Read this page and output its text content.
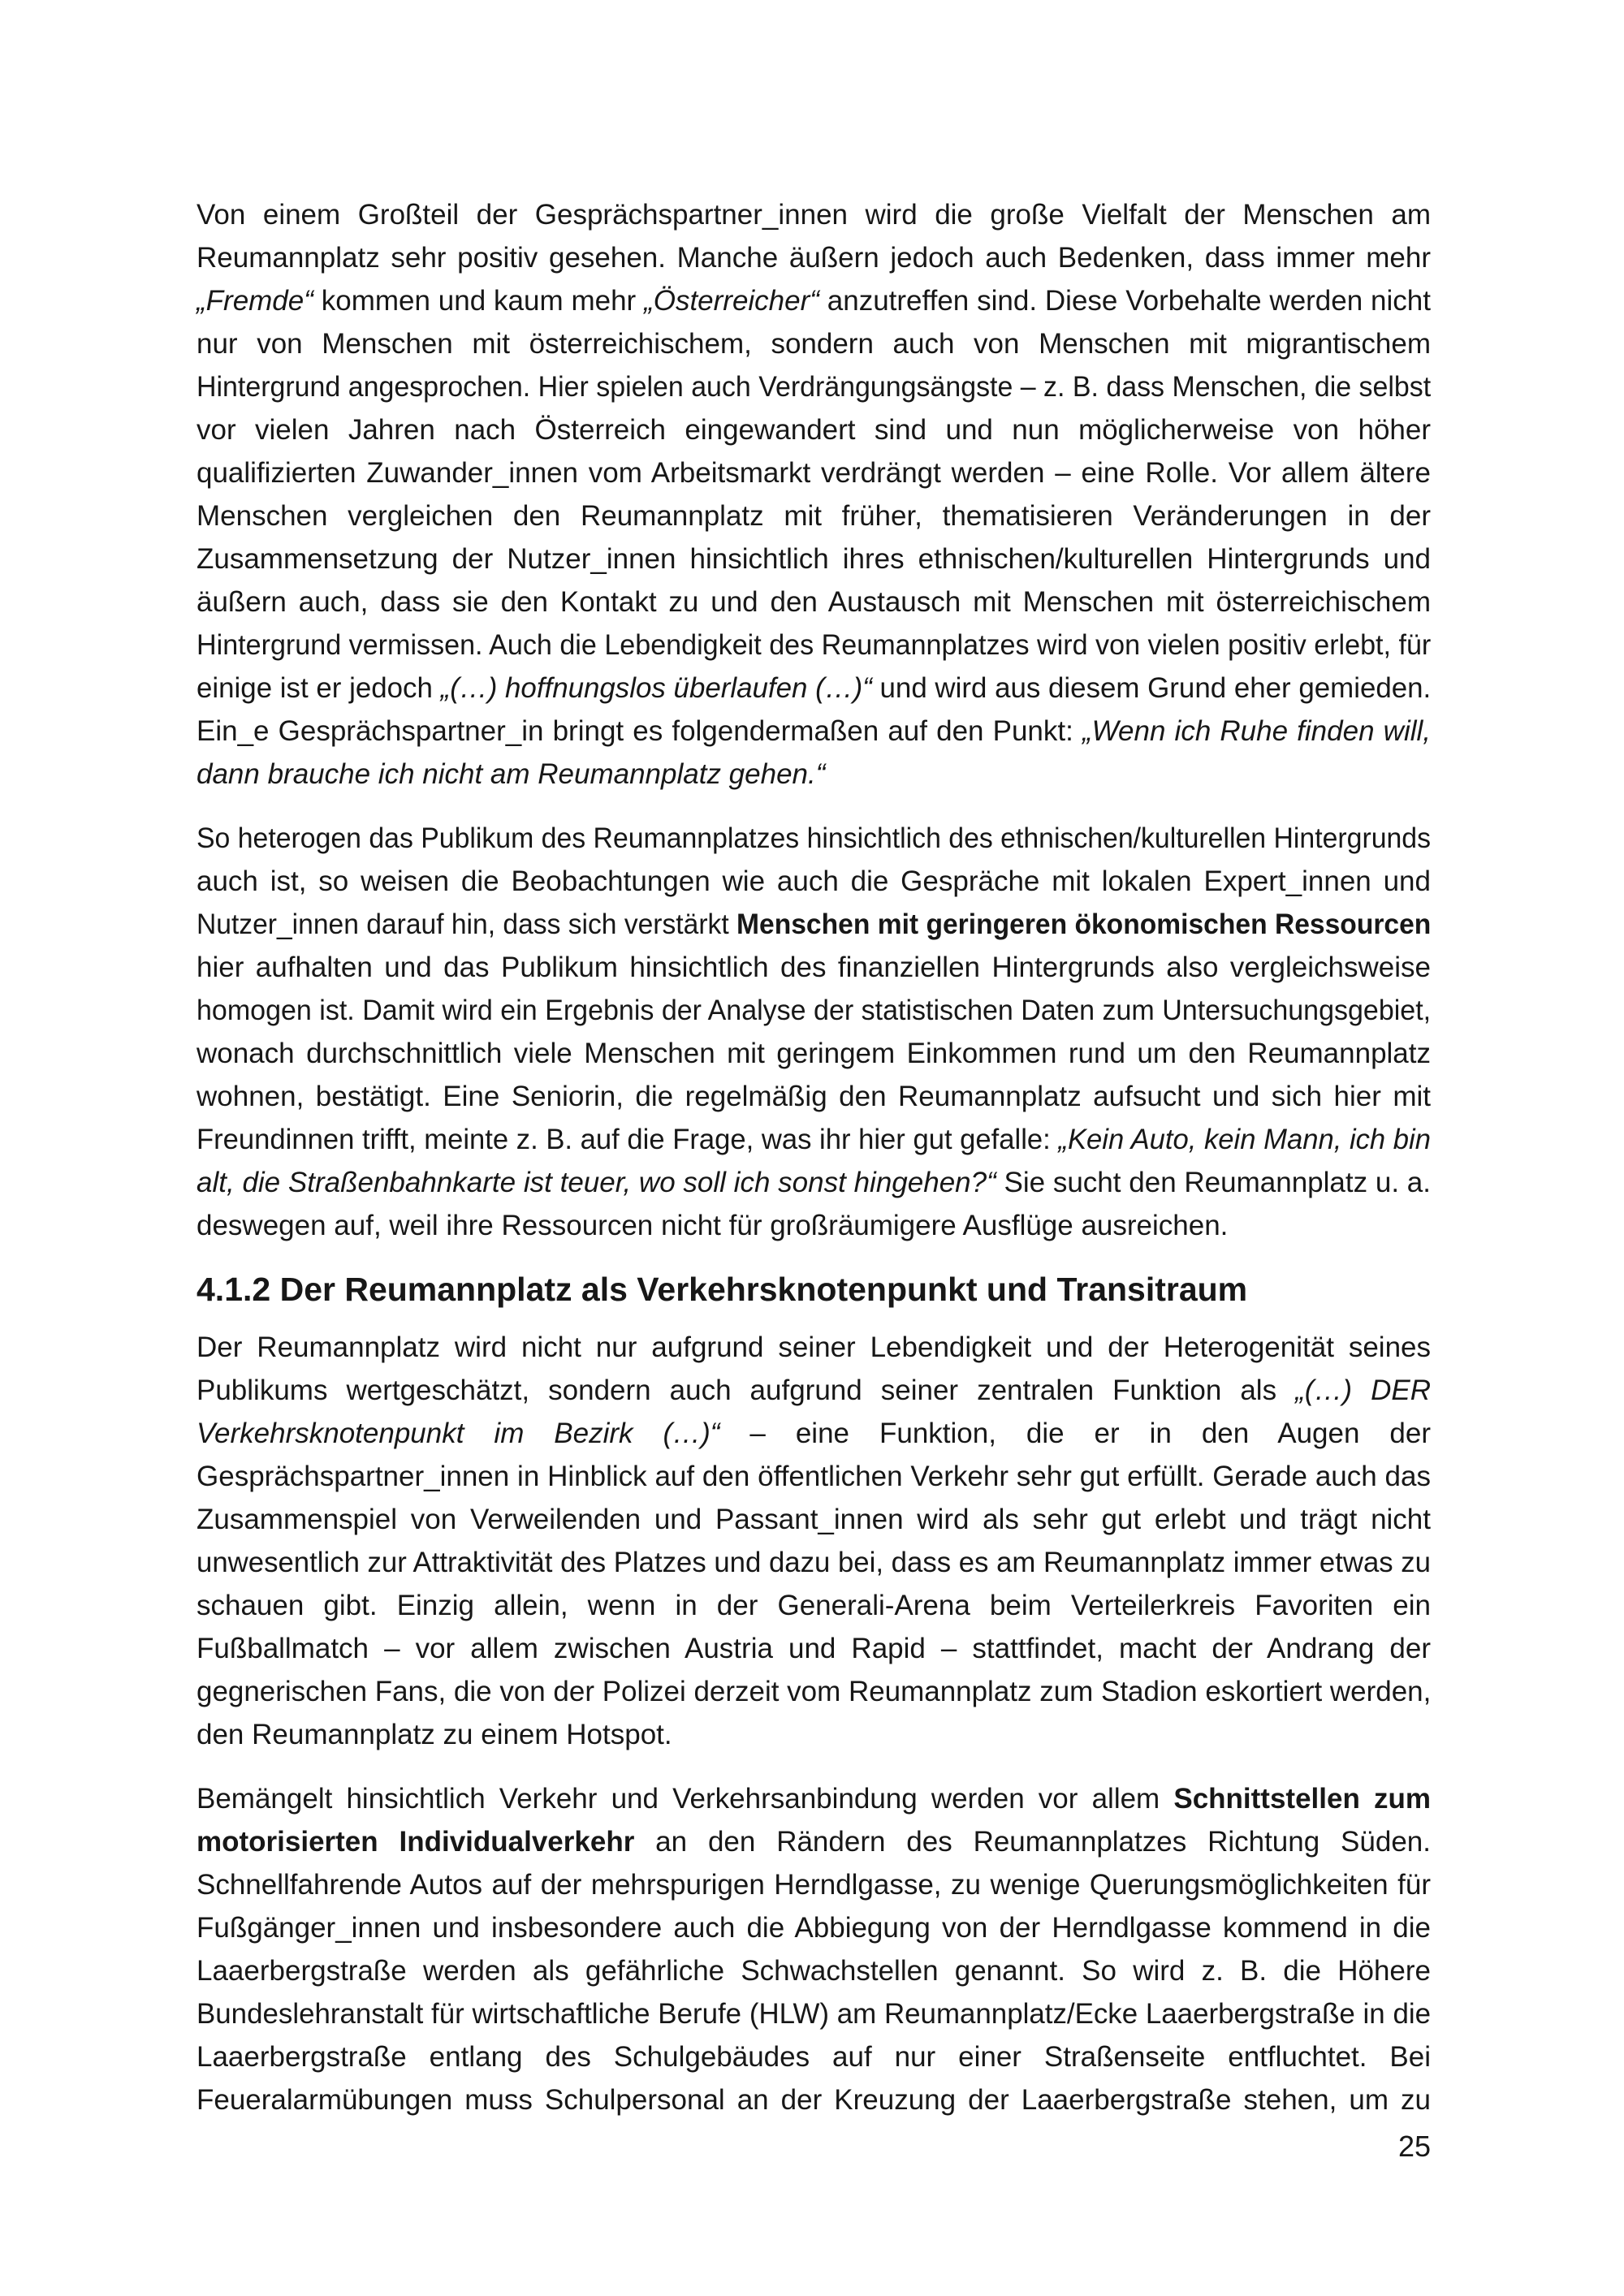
Von einem Großteil der Gesprächspartner_innen wird die große Vielfalt der Menschen am
Reumannplatz sehr positiv gesehen. Manche äußern jedoch auch Bedenken, dass immer mehr
„Fremde“ kommen und kaum mehr „Österreicher“ anzutreffen sind. Diese Vorbehalte werden nicht
nur von Menschen mit österreichischem, sondern auch von Menschen mit migrantischem
Hintergrund angesprochen. Hier spielen auch Verdrängungsängste – z. B. dass Menschen, die selbst
vor vielen Jahren nach Österreich eingewandert sind und nun möglicherweise von höher
qualifizierten Zuwander_innen vom Arbeitsmarkt verdrängt werden – eine Rolle. Vor allem ältere
Menschen vergleichen den Reumannplatz mit früher, thematisieren Veränderungen in der
Zusammensetzung der Nutzer_innen hinsichtlich ihres ethnischen/kulturellen Hintergrunds und
äußern auch, dass sie den Kontakt zu und den Austausch mit Menschen mit österreichischem
Hintergrund vermissen. Auch die Lebendigkeit des Reumannplatzes wird von vielen positiv erlebt, für
einige ist er jedoch „(…) hoffnungslos überlaufen (…)“ und wird aus diesem Grund eher gemieden.
Ein_e Gesprächspartner_in bringt es folgendermaßen auf den Punkt: „Wenn ich Ruhe finden will,
dann brauche ich nicht am Reumannplatz gehen.“

So heterogen das Publikum des Reumannplatzes hinsichtlich des ethnischen/kulturellen Hintergrunds
auch ist, so weisen die Beobachtungen wie auch die Gespräche mit lokalen Expert_innen und
Nutzer_innen darauf hin, dass sich verstärkt Menschen mit geringeren ökonomischen Ressourcen
hier aufhalten und das Publikum hinsichtlich des finanziellen Hintergrunds also vergleichsweise
homogen ist. Damit wird ein Ergebnis der Analyse der statistischen Daten zum Untersuchungsgebiet,
wonach durchschnittlich viele Menschen mit geringem Einkommen rund um den Reumannplatz
wohnen, bestätigt. Eine Seniorin, die regelmäßig den Reumannplatz aufsucht und sich hier mit
Freundinnen trifft, meinte z. B. auf die Frage, was ihr hier gut gefalle: „Kein Auto, kein Mann, ich bin
alt, die Straßenbahnkarte ist teuer, wo soll ich sonst hingehen?“ Sie sucht den Reumannplatz u. a.
deswegen auf, weil ihre Ressourcen nicht für großräumigere Ausflüge ausreichen.

4.1.2 Der Reumannplatz als Verkehrsknotenpunkt und Transitraum

Der Reumannplatz wird nicht nur aufgrund seiner Lebendigkeit und der Heterogenität seines
Publikums wertgeschätzt, sondern auch aufgrund seiner zentralen Funktion als „(…) DER
Verkehrsknotenpunkt im Bezirk (…)“ – eine Funktion, die er in den Augen der
Gesprächspartner_innen in Hinblick auf den öffentlichen Verkehr sehr gut erfüllt. Gerade auch das
Zusammenspiel von Verweilenden und Passant_innen wird als sehr gut erlebt und trägt nicht
unwesentlich zur Attraktivität des Platzes und dazu bei, dass es am Reumannplatz immer etwas zu
schauen gibt. Einzig allein, wenn in der Generali-Arena beim Verteilerkreis Favoriten ein
Fußballmatch – vor allem zwischen Austria und Rapid – stattfindet, macht der Andrang der
gegnerischen Fans, die von der Polizei derzeit vom Reumannplatz zum Stadion eskortiert werden,
den Reumannplatz zu einem Hotspot.

Bemängelt hinsichtlich Verkehr und Verkehrsanbindung werden vor allem Schnittstellen zum
motorisierten Individualverkehr an den Rändern des Reumannplatzes Richtung Süden.
Schnellfahrende Autos auf der mehrspurigen Herndlgasse, zu wenige Querungsmöglichkeiten für
Fußgänger_innen und insbesondere auch die Abbiegung von der Herndlgasse kommend in die
Laaerbergstraße werden als gefährliche Schwachstellen genannt. So wird z. B. die Höhere
Bundeslehranstalt für wirtschaftliche Berufe (HLW) am Reumannplatz/Ecke Laaerbergstraße in die
Laaerbergstraße entlang des Schulgebäudes auf nur einer Straßenseite entfluchtet. Bei
Feueralarmübungen muss Schulpersonal an der Kreuzung der Laaerbergstraße stehen, um zu

25
